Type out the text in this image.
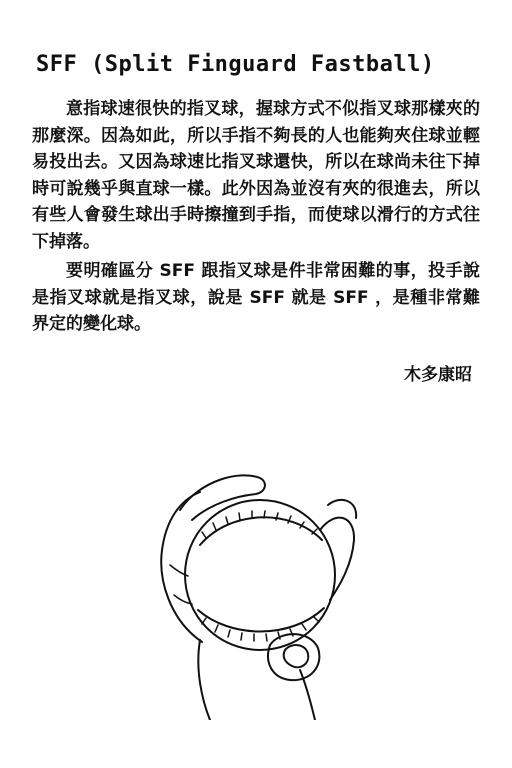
SFF (Split Finguard Fastball)

意指球速很快的指叉球，握球方式不似指叉球那樣夾的那麼深。因為如此，所以手指不夠長的人也能夠夾住球並輕易投出去。又因為球速比指叉球還快，所以在球尚未往下掉時可說幾乎與直球一樣。此外因為並沒有夾的很進去，所以有些人會發生球出手時擦撞到手指，而使球以滑行的方式往下掉落。

要明確區分 SFF 跟指叉球是件非常困難的事，投手說是指叉球就是指叉球，說是 SFF 就是 SFF ，是種非常難界定的變化球。

木多康昭
